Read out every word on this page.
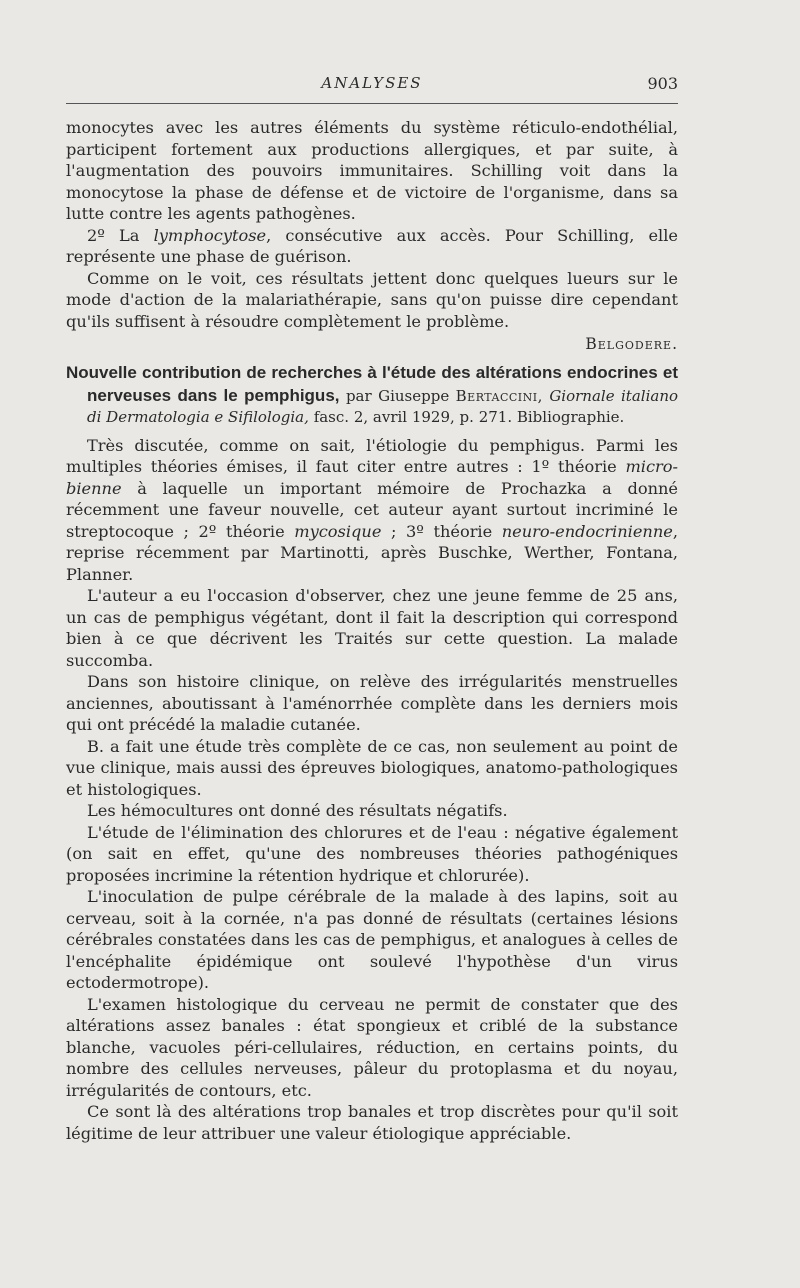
ANALYSES	903

monocytes avec les autres éléments du système réticulo-endothélial, participent fortement aux productions allergiques, et par suite, à l'augmentation des pouvoirs immunitaires. Schilling voit dans la monocytose la phase de défense et de victoire de l'organisme, dans sa lutte contre les agents pathogènes.

2º La lymphocytose, consécutive aux accès. Pour Schilling, elle représente une phase de guérison.

Comme on le voit, ces résultats jettent donc quelques lueurs sur le mode d'action de la malariathérapie, sans qu'on puisse dire cependant qu'ils suffisent à résoudre complètement le problème.

Belgodere.
Nouvelle contribution de recherches à l'étude des altérations endocrines et nerveuses dans le pemphigus, par Giuseppe Bertaccini, Giornale italiano di Dermatologia e Sifilologia, fasc. 2, avril 1929, p. 271. Bibliographie.

Très discutée, comme on sait, l'étiologie du pemphigus. Parmi les multiples théories émises, il faut citer entre autres : 1º théorie micro-bienne à laquelle un important mémoire de Prochazka a donné récemment une faveur nouvelle, cet auteur ayant surtout incriminé le streptocoque ; 2º théorie mycosique ; 3º théorie neuro-endocrinienne, reprise récemment par Martinotti, après Buschke, Werther, Fontana, Planner.

L'auteur a eu l'occasion d'observer, chez une jeune femme de 25 ans, un cas de pemphigus végétant, dont il fait la description qui correspond bien à ce que décrivent les Traités sur cette question. La malade succomba.

Dans son histoire clinique, on relève des irrégularités menstruelles anciennes, aboutissant à l'aménorrhée complète dans les derniers mois qui ont précédé la maladie cutanée.

B. a fait une étude très complète de ce cas, non seulement au point de vue clinique, mais aussi des épreuves biologiques, anatomo-pathologiques et histologiques.

Les hémocultures ont donné des résultats négatifs.

L'étude de l'élimination des chlorures et de l'eau : négative également (on sait en effet, qu'une des nombreuses théories pathogéniques proposées incrimine la rétention hydrique et chlorurée).

L'inoculation de pulpe cérébrale de la malade à des lapins, soit au cerveau, soit à la cornée, n'a pas donné de résultats (certaines lésions cérébrales constatées dans les cas de pemphigus, et analogues à celles de l'encéphalite épidémique ont soulevé l'hypothèse d'un virus ectodermotrope).

L'examen histologique du cerveau ne permit de constater que des altérations assez banales : état spongieux et criblé de la substance blanche, vacuoles péri-cellulaires, réduction, en certains points, du nombre des cellules nerveuses, pâleur du protoplasma et du noyau, irrégularités de contours, etc.

Ce sont là des altérations trop banales et trop discrètes pour qu'il soit légitime de leur attribuer une valeur étiologique appréciable.
